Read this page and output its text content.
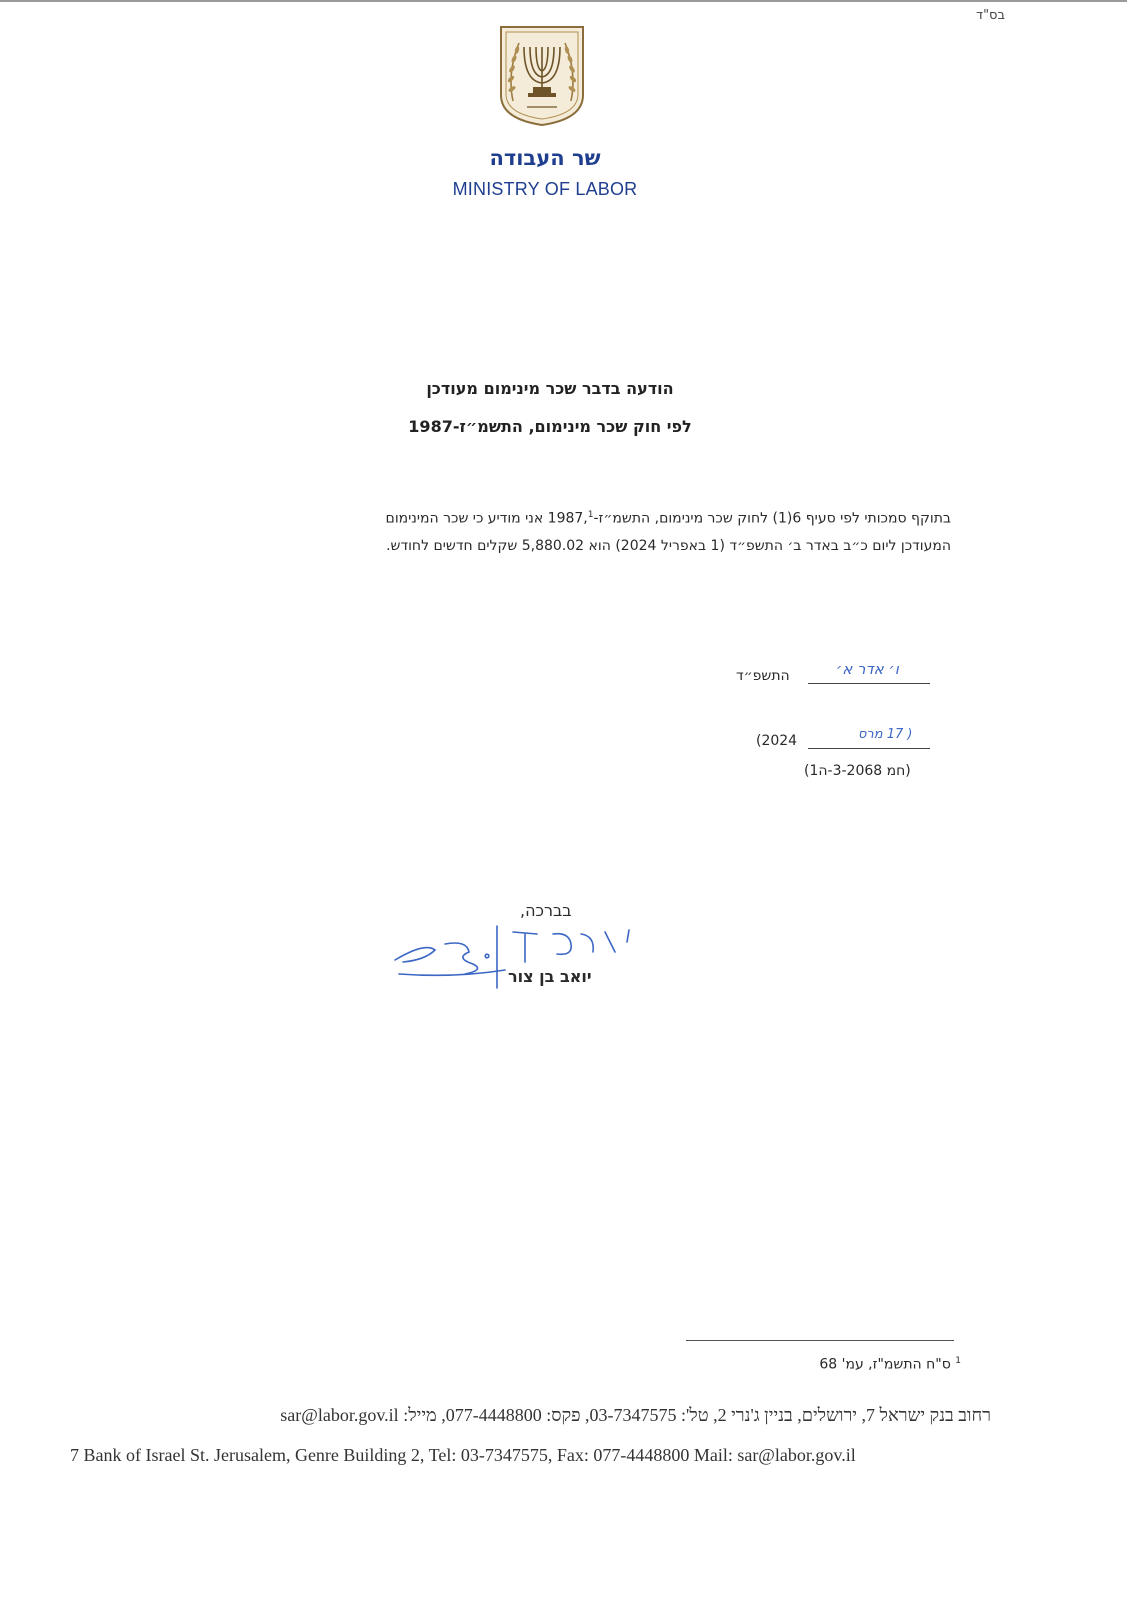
בס"ד

שר העבודה

MINISTRY OF LABOR

הודעה בדבר שכר מינימום מעודכן

לפי חוק שכר מינימום, התשמ״ז-1987

בתוקף סמכותי לפי סעיף 6(1) לחוק שכר מינימום, התשמ״ז-1987,$^1$ אני מודיע כי שכר המינימום

המעודכן ליום כ״ב באדר ב׳ התשפ״ד (1 באפריל 2024) הוא 5,880.02 שקלים חדשים לחודש.

התשפ״ד	ו׳ אדר א׳
(2024	( 17 מרס
(חמ 3-2068-ה1)
בברכה,
יואב בן צור

$^1$ ס"ח התשמ"ז, עמ' 68

רחוב בנק ישראל 7, ירושלים, בניין ג'נרי 2, טל': 03-7347575, פקס: 077-4448800, מייל: sar@labor.gov.il

7 Bank of Israel St. Jerusalem, Genre Building 2, Tel: 03-7347575, Fax: 077-4448800 Mail: sar@labor.gov.il
